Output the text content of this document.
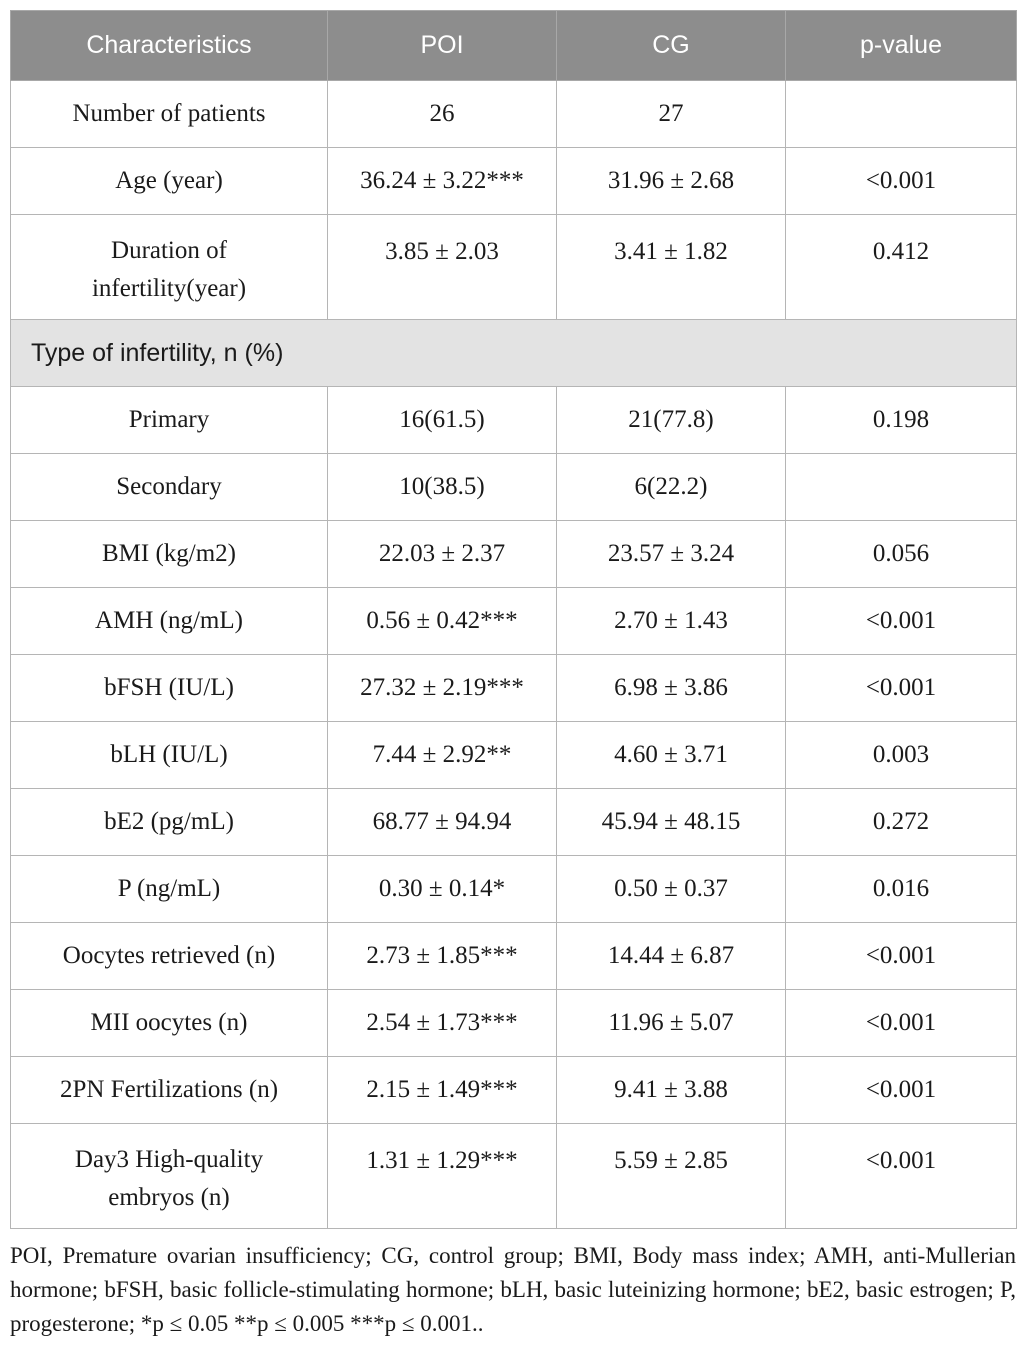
Characteristics	POI	CG	p-value
Number of patients	26	27	
Age (year)	36.24 ± 3.22***	31.96 ± 2.68	<0.001
Duration of
infertility(year)	3.85 ± 2.03	3.41 ± 1.82	0.412
Type of infertility, n (%)			
Primary	16(61.5)	21(77.8)	0.198
Secondary	10(38.5)	6(22.2)	
BMI (kg/m2)	22.03 ± 2.37	23.57 ± 3.24	0.056
AMH (ng/mL)	0.56 ± 0.42***	2.70 ± 1.43	<0.001
bFSH (IU/L)	27.32 ± 2.19***	6.98 ± 3.86	<0.001
bLH (IU/L)	7.44 ± 2.92**	4.60 ± 3.71	0.003
bE2 (pg/mL)	68.77 ± 94.94	45.94 ± 48.15	0.272
P (ng/mL)	0.30 ± 0.14*	0.50 ± 0.37	0.016
Oocytes retrieved (n)	2.73 ± 1.85***	14.44 ± 6.87	<0.001
MII oocytes (n)	2.54 ± 1.73***	11.96 ± 5.07	<0.001
2PN Fertilizations (n)	2.15 ± 1.49***	9.41 ± 3.88	<0.001
Day3 High-quality
embryos (n)	1.31 ± 1.29***	5.59 ± 2.85	<0.001
POI, Premature ovarian insufficiency; CG, control group; BMI, Body mass index; AMH, anti-Mullerian hormone; bFSH, basic follicle-stimulating hormone; bLH, basic luteinizing hormone; bE2, basic estrogen; P, progesterone; *p ≤ 0.05 **p ≤ 0.005 ***p ≤ 0.001..
